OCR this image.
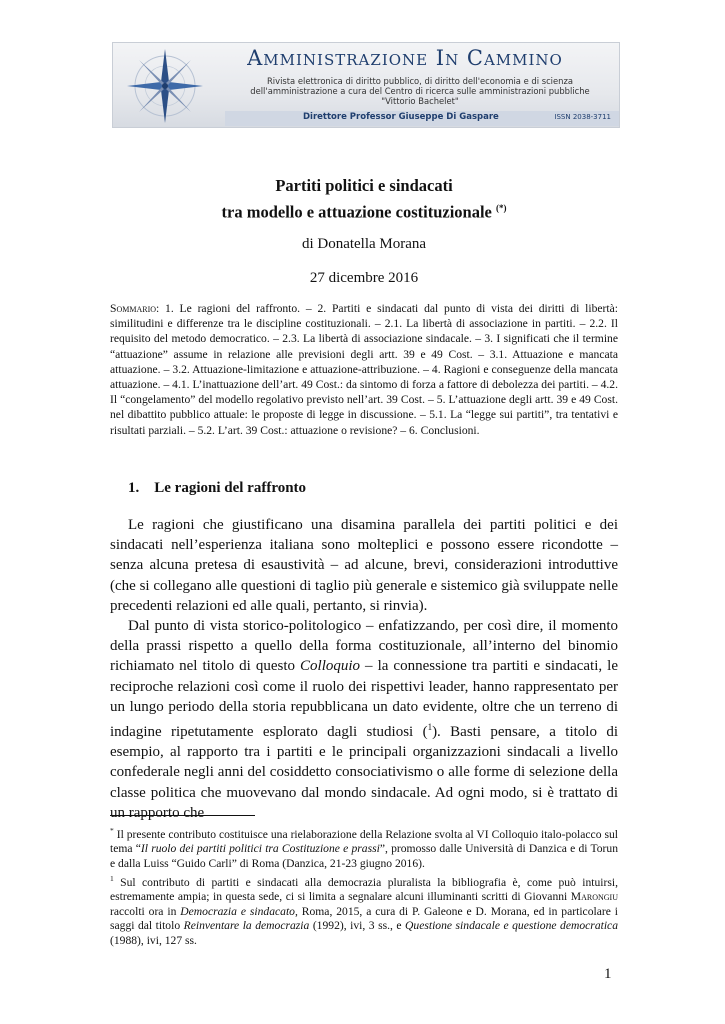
Amministrazione In Cammino
Rivista elettronica di diritto pubblico, di diritto dell'economia e di scienza
dell'amministrazione a cura del Centro di ricerca sulle amministrazioni pubbliche
"Vittorio Bachelet"
Direttore Professor Giuseppe Di Gaspare	ISSN 2038-3711
Partiti politici e sindacati
tra modello e attuazione costituzionale (*)
di Donatella Morana
27 dicembre 2016
Sommario: 1. Le ragioni del raffronto. – 2. Partiti e sindacati dal punto di vista dei diritti di libertà: similitudini e differenze tra le discipline costituzionali. – 2.1. La libertà di associazione in partiti. – 2.2. Il requisito del metodo democratico. – 2.3. La libertà di associazione sindacale. – 3. I significati che il termine “attuazione” assume in relazione alle previsioni degli artt. 39 e 49 Cost. – 3.1. Attuazione e mancata attuazione. – 3.2. Attuazione-limitazione e attuazione-attribuzione. – 4. Ragioni e conseguenze della mancata attuazione. – 4.1. L’inattuazione dell’art. 49 Cost.: da sintomo di forza a fattore di debolezza dei partiti. – 4.2. Il “congelamento” del modello regolativo previsto nell’art. 39 Cost. – 5. L’attuazione degli artt. 39 e 49 Cost. nel dibattito pubblico attuale: le proposte di legge in discussione. – 5.1. La “legge sui partiti”, tra tentativi e risultati parziali. – 5.2. L’art. 39 Cost.: attuazione o revisione? – 6. Conclusioni.
1. Le ragioni del raffronto

Le ragioni che giustificano una disamina parallela dei partiti politici e dei sindacati nell’esperienza italiana sono molteplici e possono essere ricondotte – senza alcuna pretesa di esaustività – ad alcune, brevi, considerazioni introduttive (che si collegano alle questioni di taglio più generale e sistemico già sviluppate nelle precedenti relazioni ed alle quali, pertanto, si rinvia).

Dal punto di vista storico-politologico – enfatizzando, per così dire, il momento della prassi rispetto a quello della forma costituzionale, all’interno del binomio richiamato nel titolo di questo Colloquio – la connessione tra partiti e sindacati, le reciproche relazioni così come il ruolo dei rispettivi leader, hanno rappresentato per un lungo periodo della storia repubblicana un dato evidente, oltre che un terreno di indagine ripetutamente esplorato dagli studiosi ($^1$). Basti pensare, a titolo di esempio, al rapporto tra i partiti e le principali organizzazioni sindacali a livello confederale negli anni del cosiddetto consociativismo o alle forme di selezione della classe politica che muovevano dal mondo sindacale. Ad ogni modo, si è trattato di un rapporto che

* Il presente contributo costituisce una rielaborazione della Relazione svolta al VI Colloquio italo-polacco sul tema “Il ruolo dei partiti politici tra Costituzione e prassi”, promosso dalle Università di Danzica e di Torun e dalla Luiss “Guido Carli” di Roma (Danzica, 21-23 giugno 2016).

$^1$ Sul contributo di partiti e sindacati alla democrazia pluralista la bibliografia è, come può intuirsi, estremamente ampia; in questa sede, ci si limita a segnalare alcuni illuminanti scritti di Giovanni Marongiu raccolti ora in Democrazia e sindacato, Roma, 2015, a cura di P. Galeone e D. Morana, ed in particolare i saggi dal titolo Reinventare la democrazia (1992), ivi, 3 ss., e Questione sindacale e questione democratica (1988), ivi, 127 ss.

1
